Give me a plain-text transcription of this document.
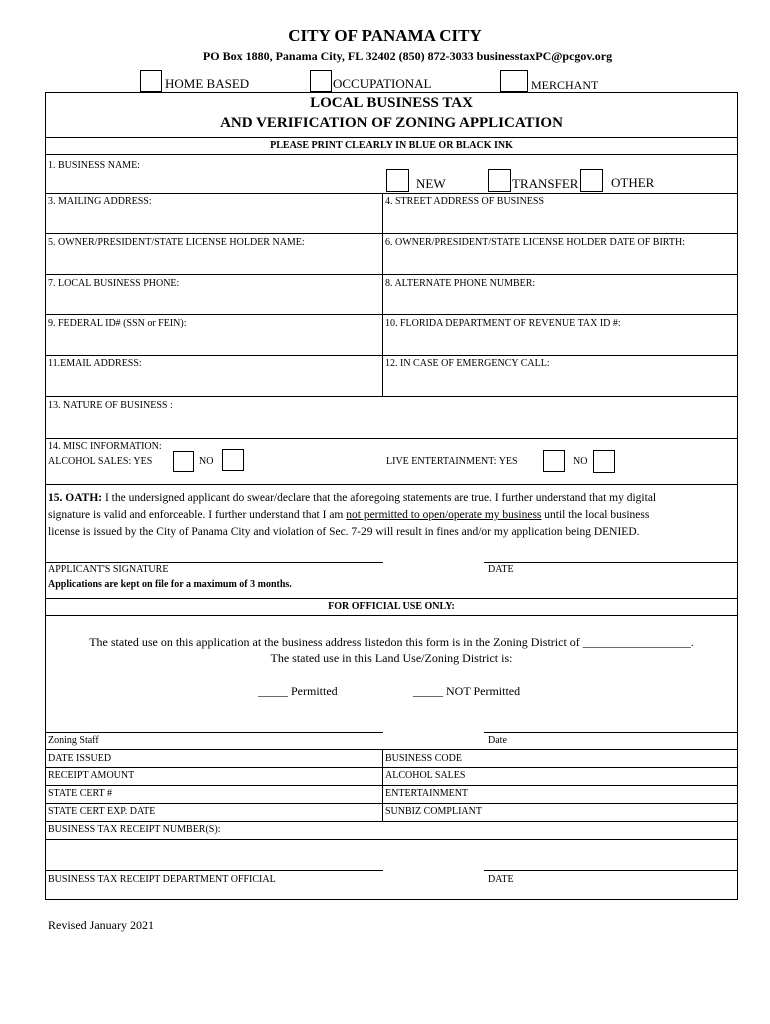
CITY OF PANAMA CITY
PO Box 1880, Panama City, FL 32402 (850) 872-3033 businesstaxPC@pcgov.org
HOME BASED	OCCUPATIONAL	MERCHANT
LOCAL BUSINESS TAX
AND VERIFICATION OF ZONING APPLICATION
PLEASE PRINT CLEARLY IN BLUE OR BLACK INK
1. BUSINESS NAME:
NEW	TRANSFER	OTHER
3. MAILING ADDRESS:	4. STREET ADDRESS OF BUSINESS
5. OWNER/PRESIDENT/STATE LICENSE HOLDER NAME:	6. OWNER/PRESIDENT/STATE LICENSE HOLDER DATE OF BIRTH:
7. LOCAL BUSINESS PHONE:	8. ALTERNATE PHONE NUMBER:
9. FEDERAL ID# (SSN or FEIN):	10. FLORIDA DEPARTMENT OF REVENUE TAX ID #:
11.EMAIL ADDRESS:	12. IN CASE OF EMERGENCY CALL:
13. NATURE OF BUSINESS :
14. MISC INFORMATION:
ALCOHOL SALES: YES	NO	LIVE ENTERTAINMENT: YES	NO
15. OATH: I the undersigned applicant do swear/declare that the aforegoing statements are true. I further understand that my digital
signature is valid and enforceable. I further understand that I am not permitted to open/operate my business until the local business
license is issued by the City of Panama City and violation of Sec. 7-29 will result in fines and/or my application being DENIED.
APPLICANT'S SIGNATURE	DATE
Applications are kept on file for a maximum of 3 months.
FOR OFFICIAL USE ONLY:
The stated use on this application at the business address listedon this form is in the Zoning District of __________________.
The stated use in this Land Use/Zoning District is:
_____ Permitted	_____ NOT Permitted
Zoning Staff	Date
DATE ISSUED	BUSINESS CODE
RECEIPT AMOUNT	ALCOHOL SALES
STATE CERT #	ENTERTAINMENT
STATE CERT EXP. DATE	SUNBIZ COMPLIANT
BUSINESS TAX RECEIPT NUMBER(S):
BUSINESS TAX RECEIPT DEPARTMENT OFFICIAL	DATE
Revised January 2021
